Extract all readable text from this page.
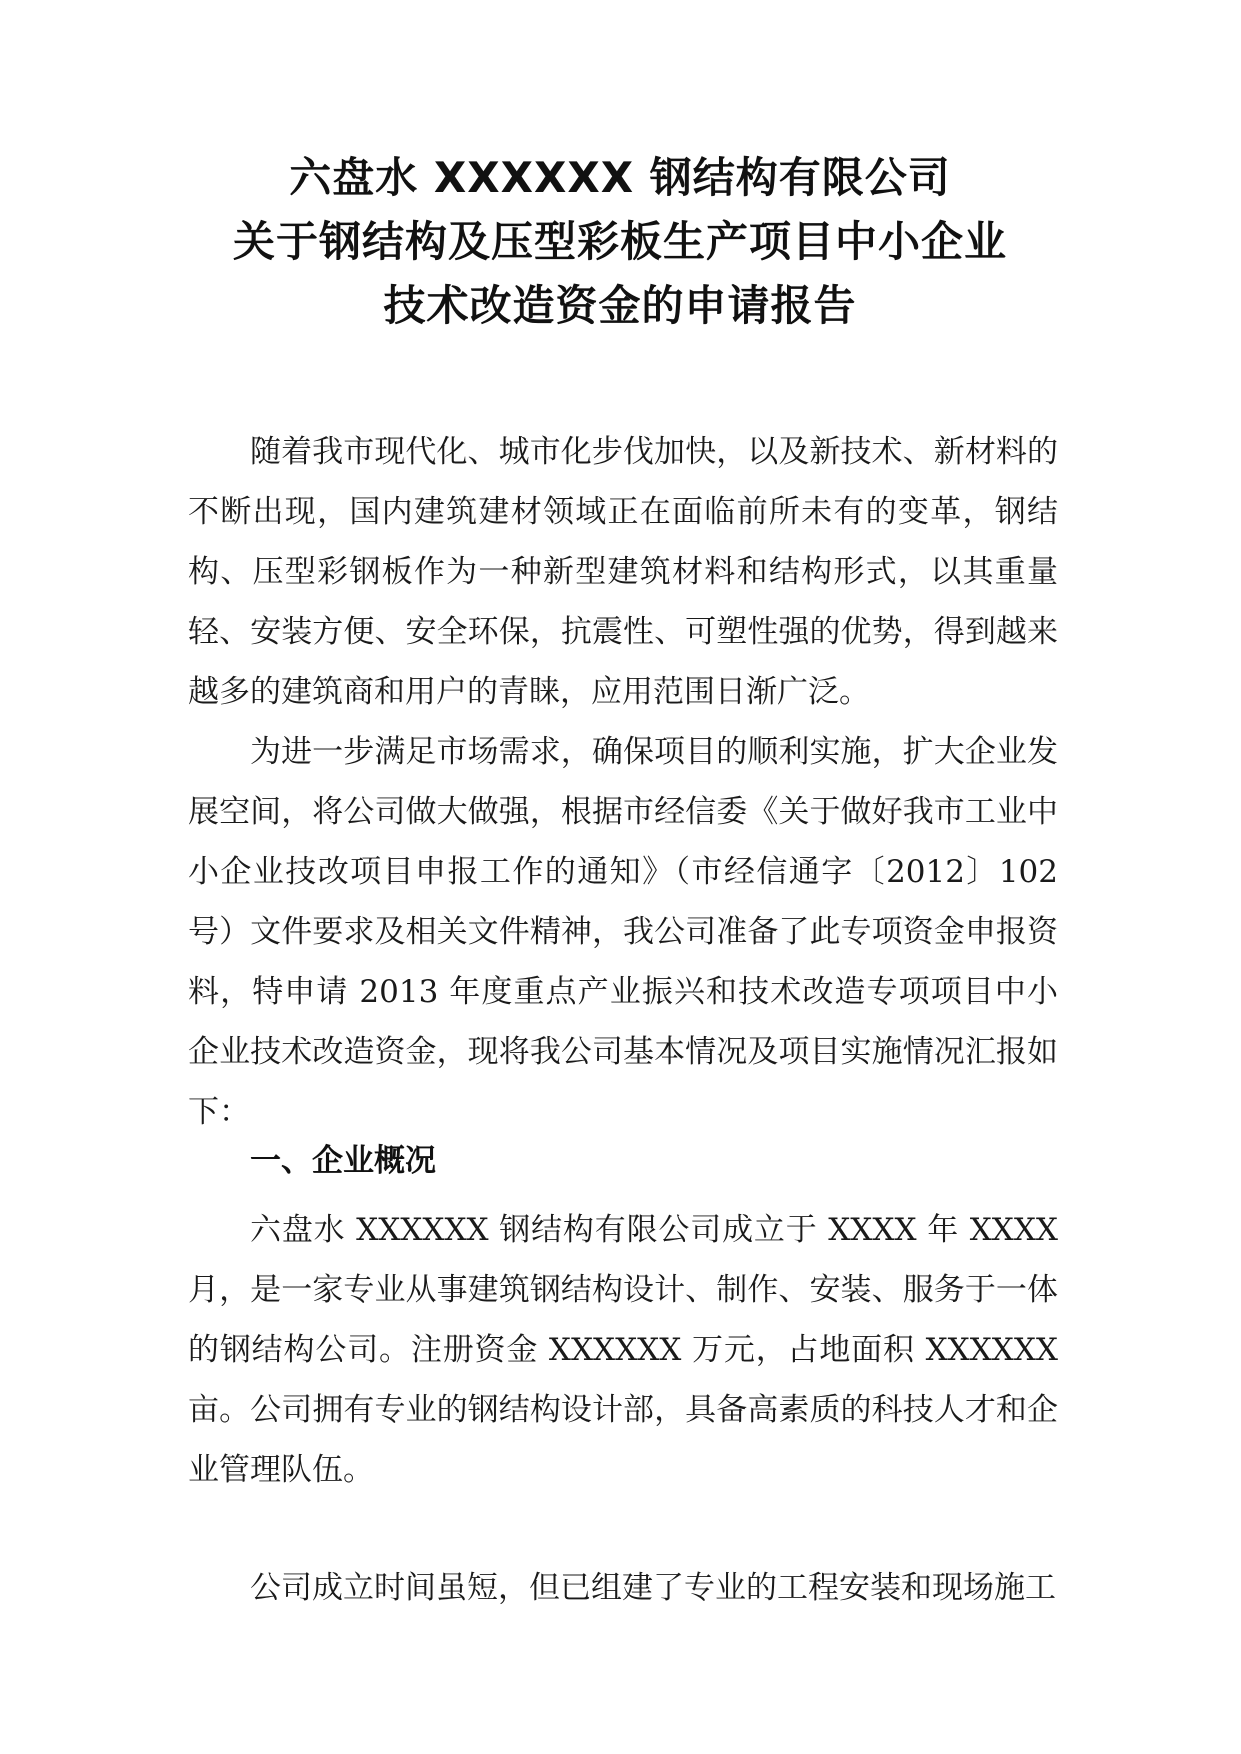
六盘水 XXXXXX 钢结构有限公司
关于钢结构及压型彩板生产项目中小企业
技术改造资金的申请报告

随着我市现代化、城市化步伐加快，以及新技术、新材料的不断出现，国内建筑建材领域正在面临前所未有的变革，钢结构、压型彩钢板作为一种新型建筑材料和结构形式，以其重量轻、安装方便、安全环保，抗震性、可塑性强的优势，得到越来越多的建筑商和用户的青睐，应用范围日渐广泛。

为进一步满足市场需求，确保项目的顺利实施，扩大企业发展空间，将公司做大做强，根据市经信委《关于做好我市工业中小企业技改项目申报工作的通知》（市经信通字〔2012〕102 号）文件要求及相关文件精神，我公司准备了此专项资金申报资料，特申请 2013 年度重点产业振兴和技术改造专项项目中小企业技术改造资金，现将我公司基本情况及项目实施情况汇报如下：

一、企业概况

六盘水 XXXXXX 钢结构有限公司成立于 XXXX 年 XXXX 月，是一家专业从事建筑钢结构设计、制作、安装、服务于一体的钢结构公司。注册资金 XXXXXX 万元，占地面积 XXXXXX 亩。公司拥有专业的钢结构设计部，具备高素质的科技人才和企业管理队伍。

公司成立时间虽短，但已组建了专业的工程安装和现场施工
